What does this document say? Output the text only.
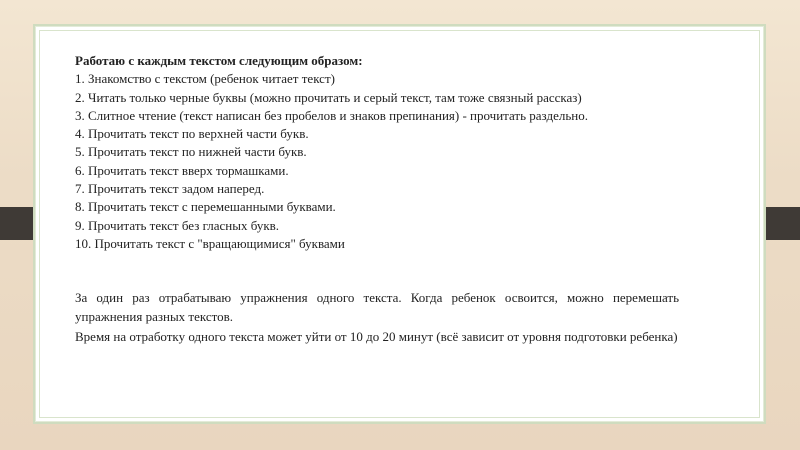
Работаю с каждым текстом следующим образом:

1. Знакомство с текстом (ребенок читает текст)
2. Читать только черные буквы (можно прочитать и серый текст, там тоже связный рассказ)
3. Слитное чтение (текст написан без пробелов и знаков препинания) - прочитать раздельно.
4. Прочитать текст по верхней части букв.
5. Прочитать текст по нижней части букв.
6. Прочитать текст вверх тормашками.
7. Прочитать текст задом наперед.
8. Прочитать текст с перемешанными буквами.
9. Прочитать текст без гласных букв.
10. Прочитать текст с "вращающимися" буквами

За один раз отрабатываю упражнения одного текста. Когда ребенок освоится, можно перемешать упражнения разных текстов.

Время на отработку одного текста может уйти от 10 до 20 минут (всё зависит от уровня подготовки ребенка)
